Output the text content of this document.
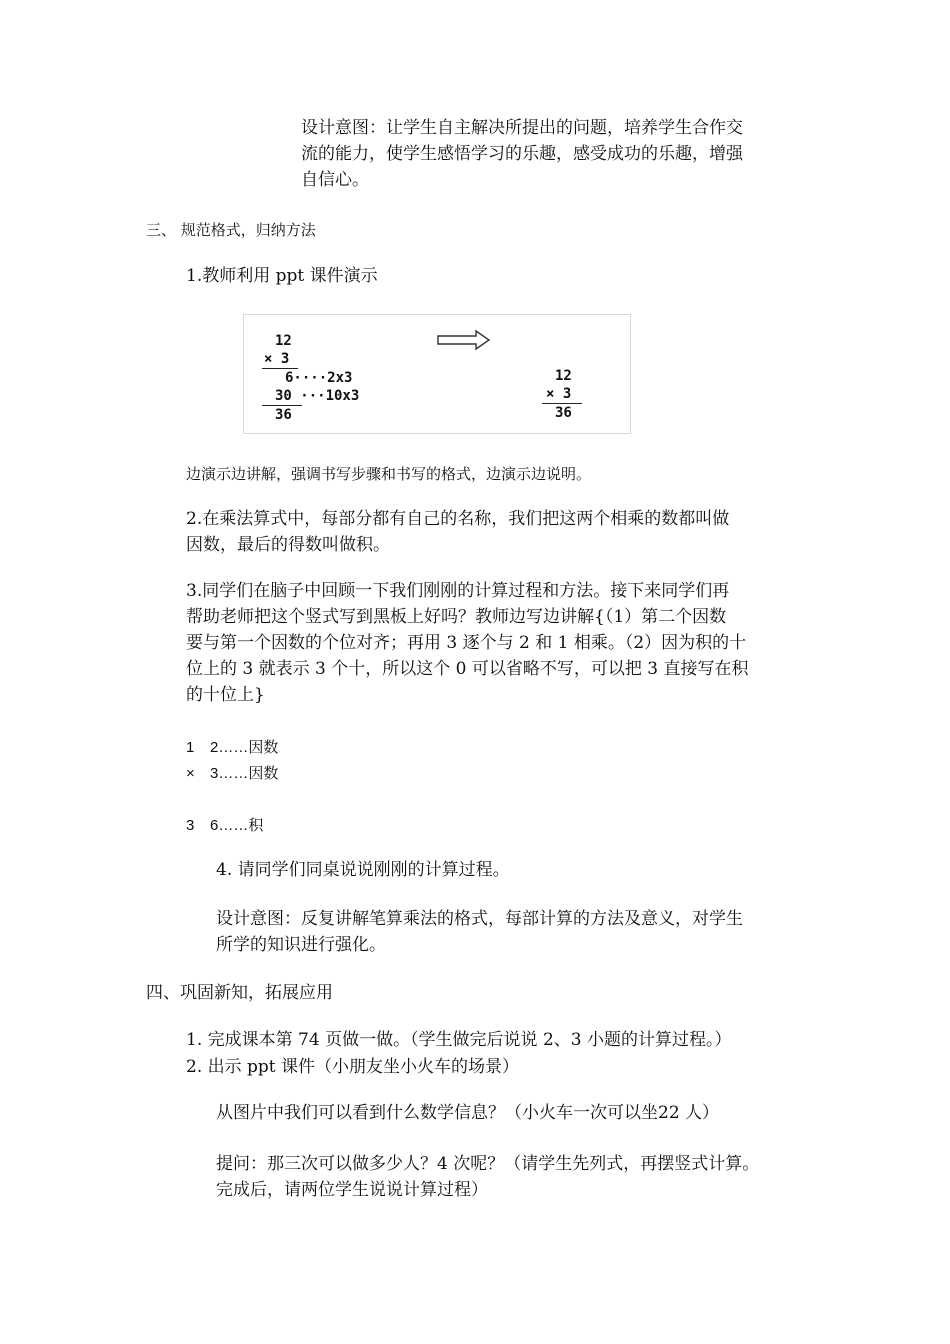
设计意图：让学生自主解决所提出的问题，培养学生合作交
流的能力，使学生感悟学习的乐趣，感受成功的乐趣，增强
自信心。
三、 规范格式，归纳方法
1.教师利用 ppt 课件演示
12
× 3
6····2x3
30 ···10x3
36
12
× 3
36
边演示边讲解，强调书写步骤和书写的格式，边演示边说明。
2.在乘法算式中，每部分都有自己的名称，我们把这两个相乘的数都叫做
因数，最后的得数叫做积。
3.同学们在脑子中回顾一下我们刚刚的计算过程和方法。接下来同学们再
帮助老师把这个竖式写到黑板上好吗？教师边写边讲解{（1）第二个因数
要与第一个因数的个位对齐；再用 3 逐个与 2 和 1 相乘。（2）因为积的十
位上的 3 就表示 3 个十，所以这个 0 可以省略不写，可以把 3 直接写在积
的十位上}
1 2……因数
× 3……因数
3 6……积
4. 请同学们同桌说说刚刚的计算过程。
设计意图：反复讲解笔算乘法的格式，每部计算的方法及意义，对学生
所学的知识进行强化。
四、巩固新知，拓展应用
1. 完成课本第 74 页做一做。（学生做完后说说 2、3 小题的计算过程。）
2. 出示 ppt 课件（小朋友坐小火车的场景）
从图片中我们可以看到什么数学信息？（小火车一次可以坐22 人）
提问：那三次可以做多少人？4 次呢？（请学生先列式，再摆竖式计算。
完成后，请两位学生说说计算过程）
